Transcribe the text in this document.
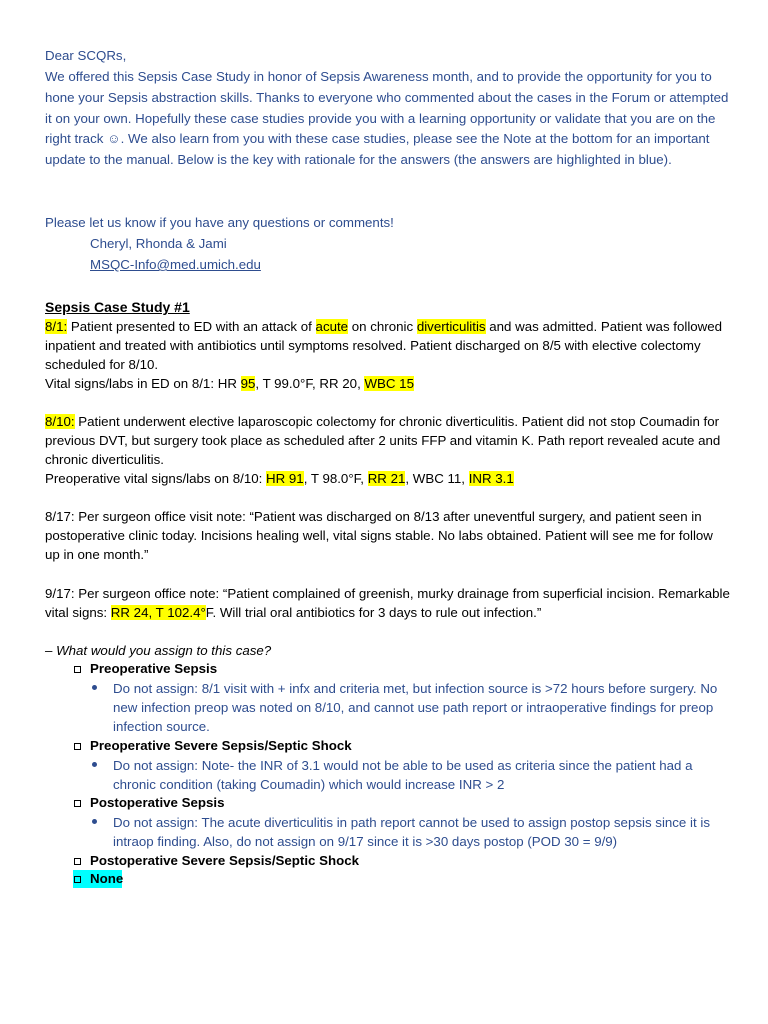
Dear SCQRs,
We offered this Sepsis Case Study in honor of Sepsis Awareness month, and to provide the opportunity for you to hone your Sepsis abstraction skills. Thanks to everyone who commented about the cases in the Forum or attempted it on your own. Hopefully these case studies provide you with a learning opportunity or validate that you are on the right track ☺. We also learn from you with these case studies, please see the Note at the bottom for an important update to the manual. Below is the key with rationale for the answers (the answers are highlighted in blue).
Please let us know if you have any questions or comments!
Cheryl, Rhonda & Jami
MSQC-Info@med.umich.edu
Sepsis Case Study #1
8/1: Patient presented to ED with an attack of acute on chronic diverticulitis and was admitted. Patient was followed inpatient and treated with antibiotics until symptoms resolved. Patient discharged on 8/5 with elective colectomy scheduled for 8/10.
Vital signs/labs in ED on 8/1: HR 95, T 99.0°F, RR 20, WBC 15
8/10: Patient underwent elective laparoscopic colectomy for chronic diverticulitis. Patient did not stop Coumadin for previous DVT, but surgery took place as scheduled after 2 units FFP and vitamin K. Path report revealed acute and chronic diverticulitis.
Preoperative vital signs/labs on 8/10: HR 91, T 98.0°F, RR 21, WBC 11, INR 3.1
8/17: Per surgeon office visit note: “Patient was discharged on 8/13 after uneventful surgery, and patient seen in postoperative clinic today. Incisions healing well, vital signs stable. No labs obtained. Patient will see me for follow up in one month.”
9/17: Per surgeon office note: “Patient complained of greenish, murky drainage from superficial incision. Remarkable vital signs: RR 24, T 102.4°F. Will trial oral antibiotics for 3 days to rule out infection.”
– What would you assign to this case?
Preoperative Sepsis
Do not assign: 8/1 visit with + infx and criteria met, but infection source is >72 hours before surgery. No new infection preop was noted on 8/10, and cannot use path report or intraoperative findings for preop infection source.
Preoperative Severe Sepsis/Septic Shock
Do not assign: Note- the INR of 3.1 would not be able to be used as criteria since the patient had a chronic condition (taking Coumadin) which would increase INR > 2
Postoperative Sepsis
Do not assign: The acute diverticulitis in path report cannot be used to assign postop sepsis since it is intraop finding. Also, do not assign on 9/17 since it is >30 days postop (POD 30 = 9/9)
Postoperative Severe Sepsis/Septic Shock
None
